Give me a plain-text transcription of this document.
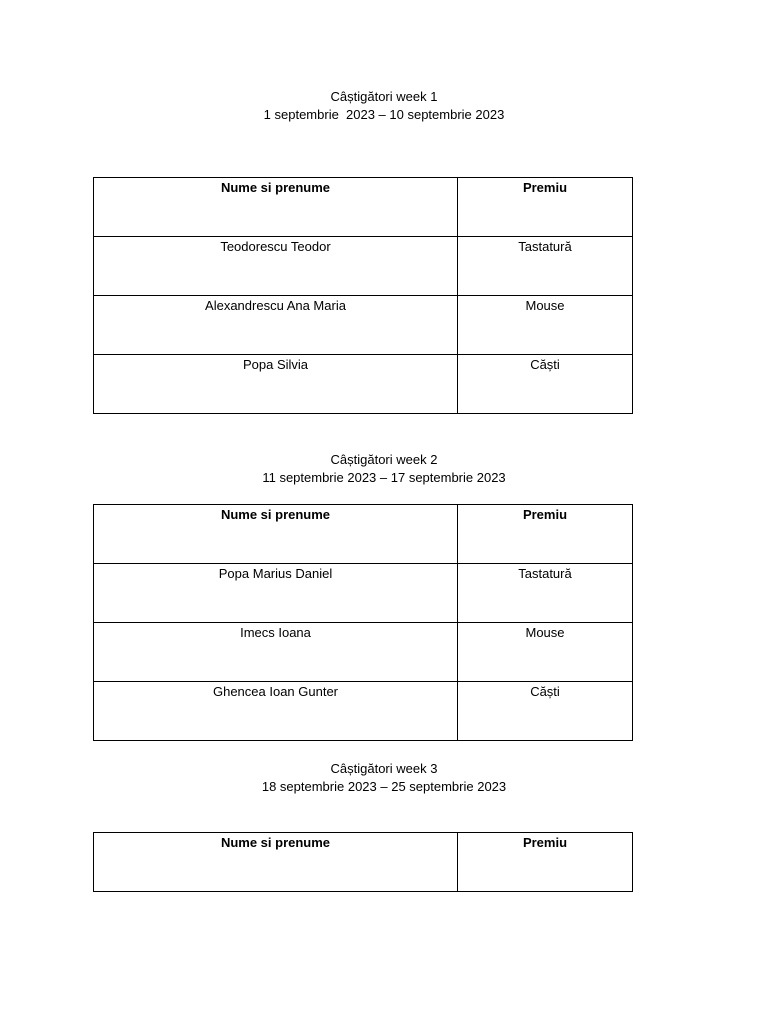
Câștigători week 1
1 septembrie  2023 – 10 septembrie 2023
Nume si prenume	Premiu

Teodorescu Teodor	Tastatură

Alexandrescu Ana Maria	Mouse

Popa Silvia	Căști
Câștigători week 2
11 septembrie 2023 – 17 septembrie 2023
Nume si prenume	Premiu

Popa Marius Daniel	Tastatură

Imecs Ioana	Mouse

Ghencea Ioan Gunter	Căști
Câștigători week 3
18 septembrie 2023 – 25 septembrie 2023
Nume si prenume	Premiu
